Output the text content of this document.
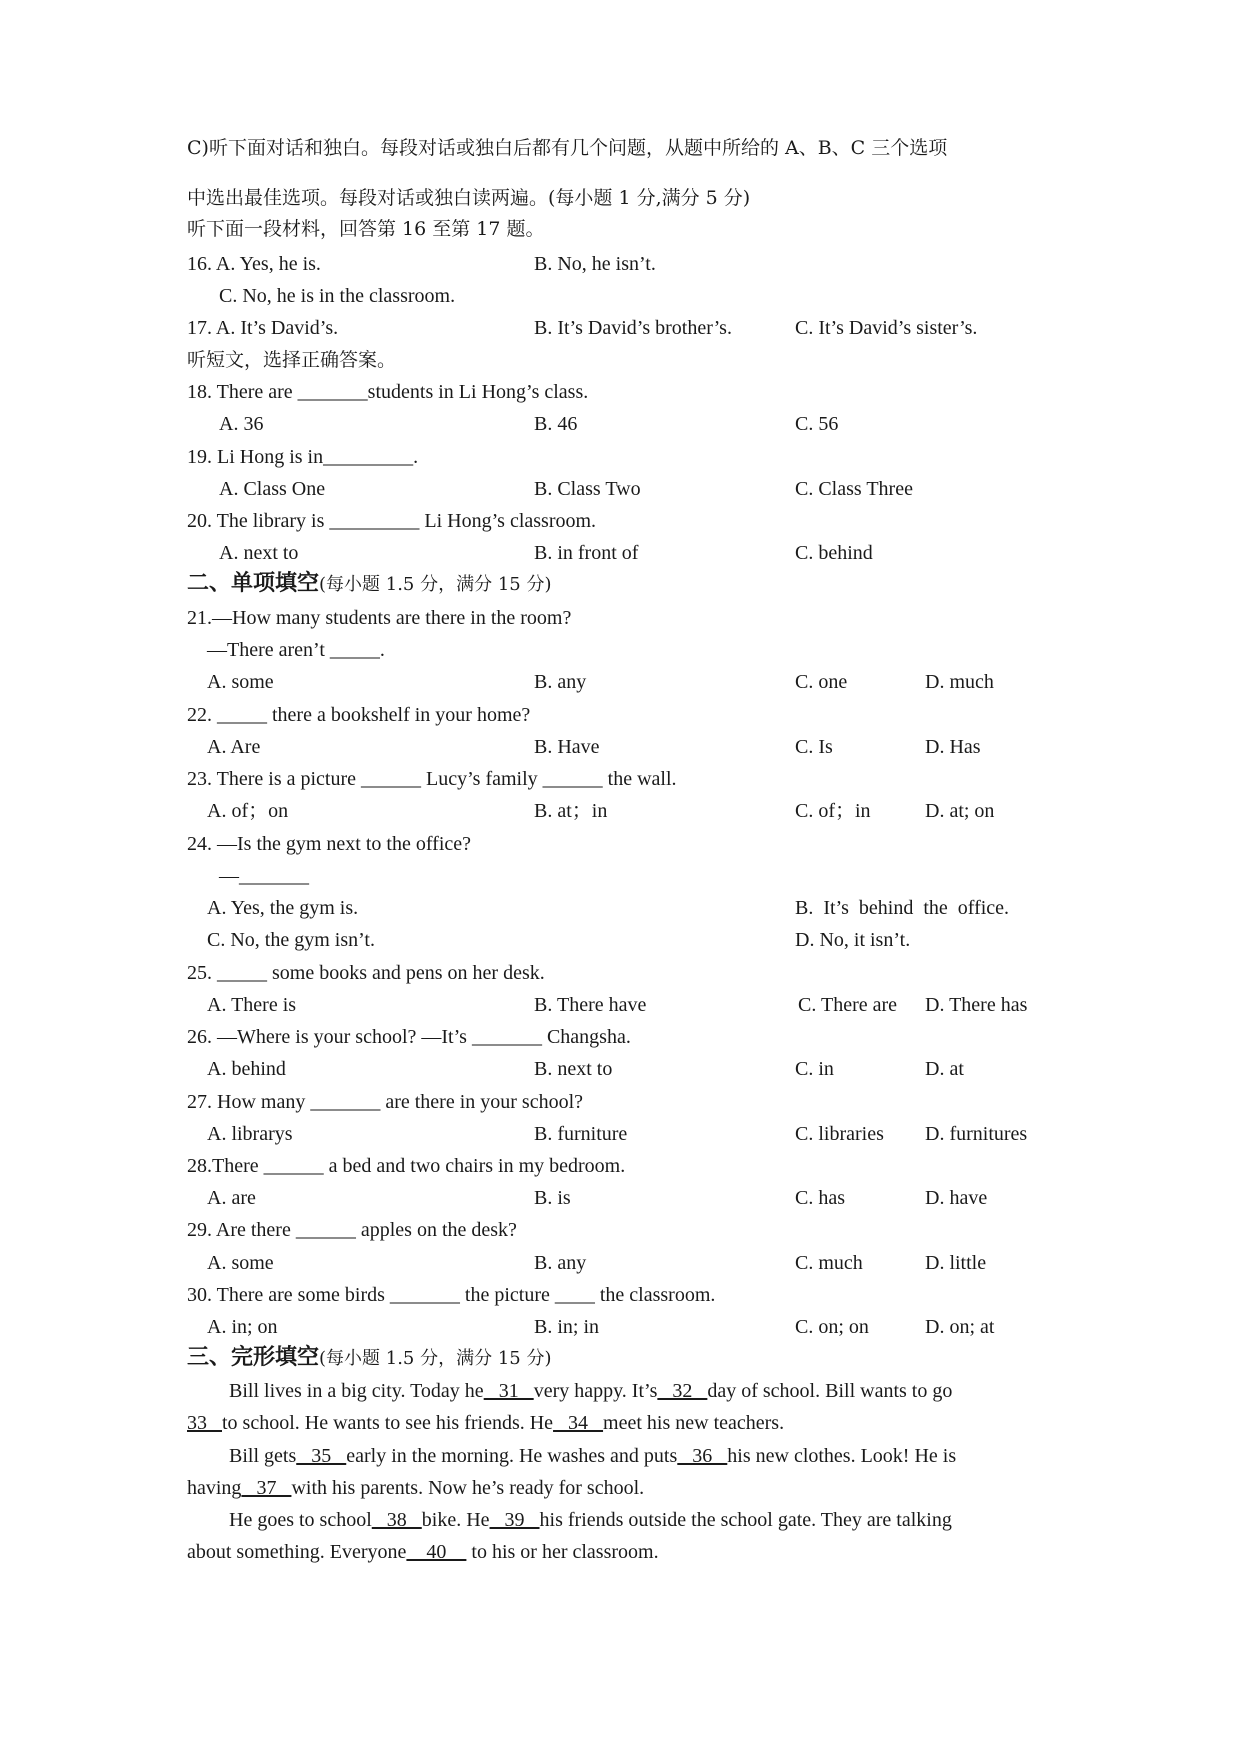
C)听下面对话和独白。每段对话或独白后都有几个问题，从题中所给的 A、B、C 三个选项
中选出最佳选项。每段对话或独白读两遍。(每小题 1 分,满分 5 分)
听下面一段材料，回答第 16 至第 17 题。
16. A. Yes, he is.	B. No, he isn’t.
C. No, he is in the classroom.
17. A. It’s David’s.	B. It’s David’s brother’s.	C. It’s David’s sister’s.
听短文，选择正确答案。
18. There are _______students in Li Hong’s class.
A. 36	B. 46	C. 56
19. Li Hong is in_________.
A. Class One	B. Class Two	C. Class Three
20. The library is _________ Li Hong’s classroom.
A. next to	B. in front of	C. behind
二、单项填空(每小题 1.5 分，满分 15 分)
21.—How many students are there in the room?
—There aren’t _____.
A. some	B. any	C. one	D. much
22. _____ there a bookshelf in your home?
A. Are	B. Have	C. Is	D. Has
23. There is a picture ______ Lucy’s family ______ the wall.
A. of；on	B. at；in	C. of；in	D. at; on
24. —Is the gym next to the office?
—_______
A. Yes, the gym is.	B.  It’s  behind  the  office.
C. No, the gym isn’t.	D. No, it isn’t.
25. _____ some books and pens on her desk.
A. There is	B. There have	C. There are D. There has
26. —Where is your school? —It’s _______ Changsha.
A. behind	B. next to	C. in	D. at
27. How many _______ are there in your school?
A. librarys	B. furniture	C. libraries D. furnitures
28.There ______ a bed and two chairs in my bedroom.
A. are	B. is	C. has	D. have
29. Are there ______ apples on the desk?
A. some	B. any	C. much	D. little
30. There are some birds _______ the picture ____ the classroom.
A. in; on	B. in; in	C. on; on	D. on; at
三、完形填空(每小题 1.5 分，满分 15 分)
Bill lives in a big city. Today he   31   very happy. It’s   32   day of school. Bill wants to go
33   to school. He wants to see his friends. He   34   meet his new teachers.
Bill gets   35   early in the morning. He washes and puts   36   his new clothes. Look! He is
having   37   with his parents. Now he’s ready for school.
He goes to school   38   bike. He   39   his friends outside the school gate. They are talking
about something. Everyone    40     to his or her classroom.
